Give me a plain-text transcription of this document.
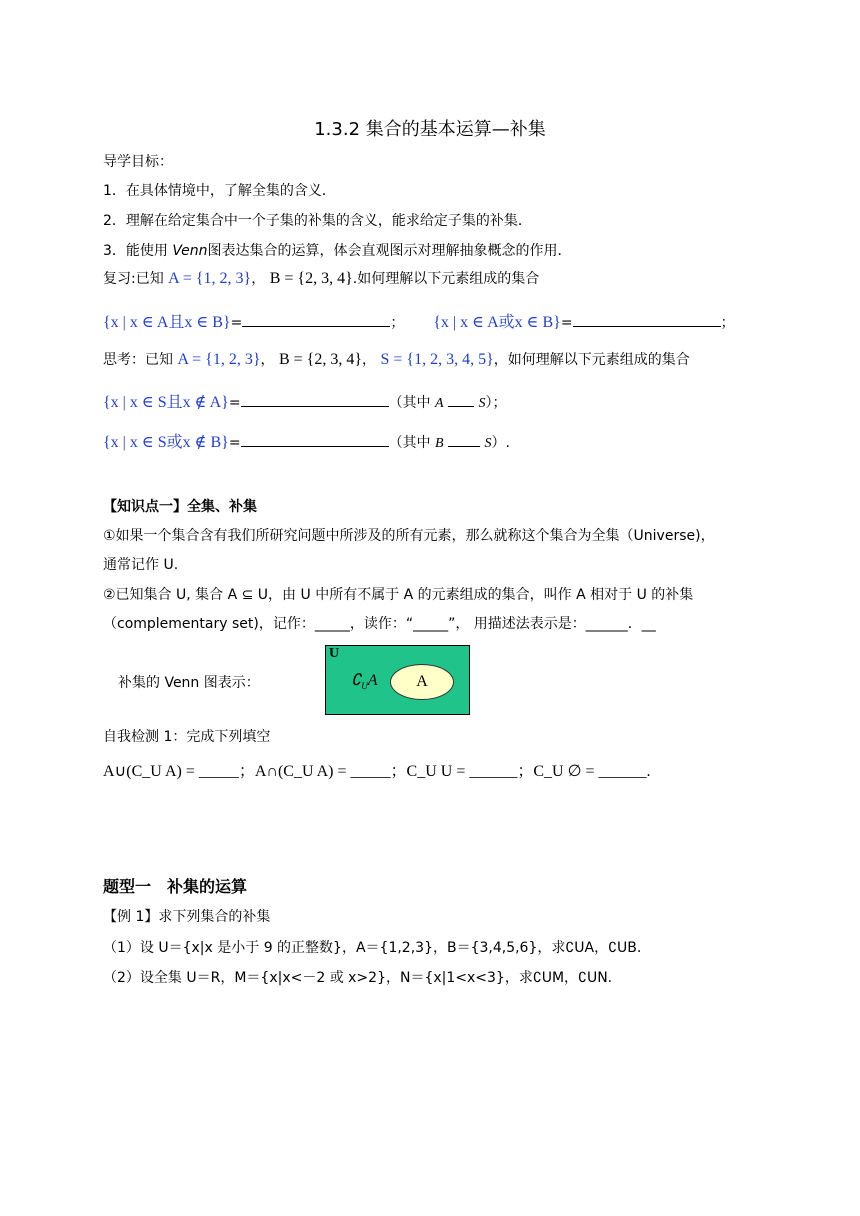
1.3.2 集合的基本运算—补集
导学目标：
1．在具体情境中，了解全集的含义．
2．理解在给定集合中一个子集的补集的含义，能求给定子集的补集．
3．能使用 Venn图表达集合的运算，体会直观图示对理解抽象概念的作用．
复习:已知 A = {1, 2, 3}， B = {2, 3, 4}.如何理解以下元素组成的集合
{x | x ∈ A且x ∈ B}=	； {x | x ∈ A或x ∈ B}=	；
思考：已知 A = {1, 2, 3}， B = {2, 3, 4}， S = {1, 2, 3, 4, 5}，如何理解以下元素组成的集合
{x | x ∈ S且x ∉ A}=	（其中 A S）；
{x | x ∈ S或x ∉ B}=	（其中 B	S）.
【知识点一】全集、补集
①如果一个集合含有我们所研究问题中所涉及的所有元素，那么就称这个集合为全集（Universe)，
通常记作 U.
②已知集合 U, 集合 A ⊆ U，由 U 中所有不属于 A 的元素组成的集合，叫作 A 相对于 U 的补集
（complementary set)，记作：_____，读作：“_____”， 用描述法表示是：______．__
补集的 Venn 图表示：
U
$∁_UA$	A
自我检测 1：完成下列填空
A∪(C_U A) = _____；A∩(C_U A) = _____；C_U U = ______；C_U ∅ = ______.
题型一　补集的运算
【例 1】求下列集合的补集
（1）设 U＝{x|x 是小于 9 的正整数}，A＝{1,2,3}，B＝{3,4,5,6}，求∁UA，∁UB.
（2）设全集 U＝R，M＝{x|x<－2 或 x>2}，N＝{x|1<x<3}，求∁UM，∁UN.
